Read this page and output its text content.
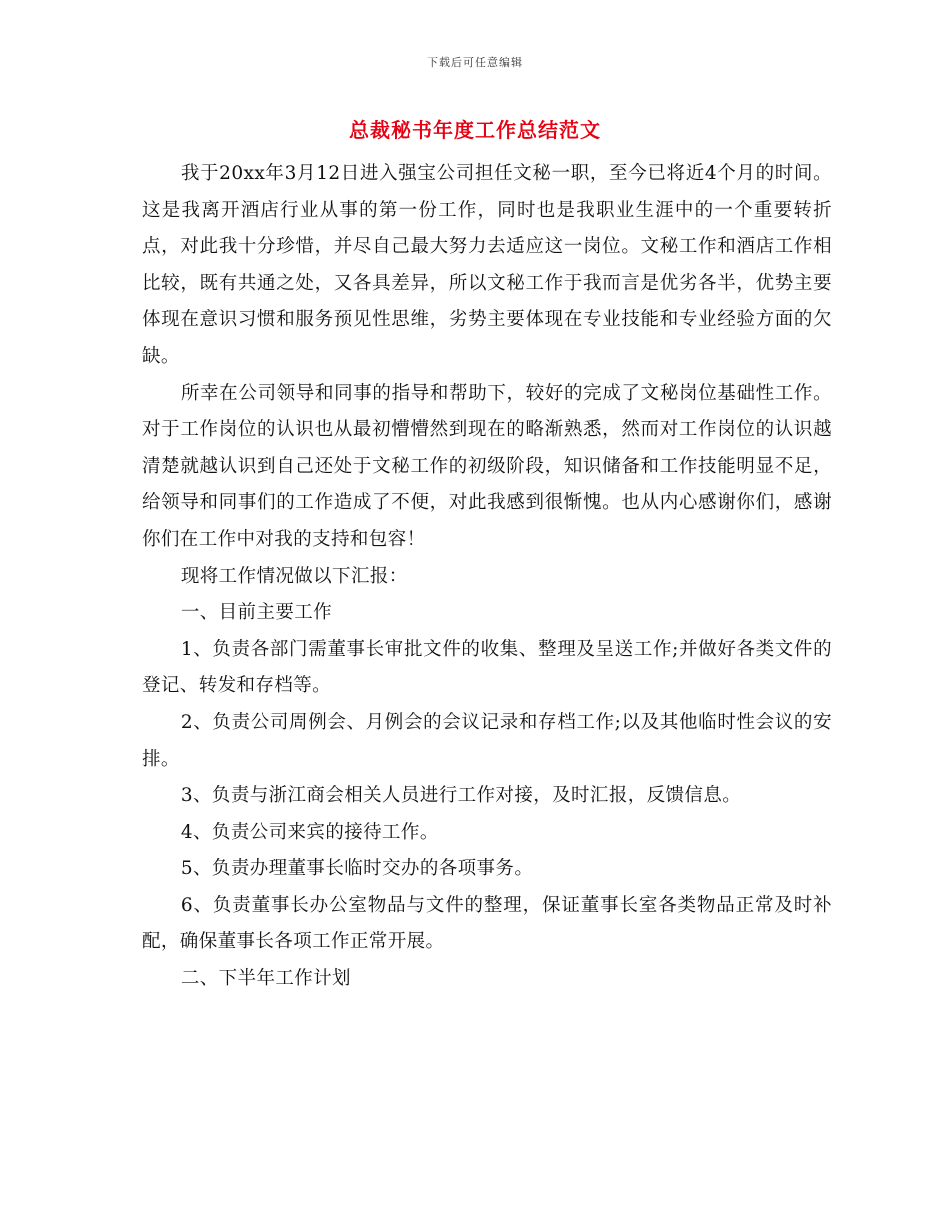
下载后可任意编辑
总裁秘书年度工作总结范文

我于20xx年3月12日进入强宝公司担任文秘一职，至今已将近4个月的时间。这是我离开酒店行业从事的第一份工作，同时也是我职业生涯中的一个重要转折点，对此我十分珍惜，并尽自己最大努力去适应这一岗位。文秘工作和酒店工作相比较，既有共通之处，又各具差异，所以文秘工作于我而言是优劣各半，优势主要体现在意识习惯和服务预见性思维，劣势主要体现在专业技能和专业经验方面的欠缺。

所幸在公司领导和同事的指导和帮助下，较好的完成了文秘岗位基础性工作。对于工作岗位的认识也从最初懵懵然到现在的略渐熟悉，然而对工作岗位的认识越清楚就越认识到自己还处于文秘工作的初级阶段，知识储备和工作技能明显不足，给领导和同事们的工作造成了不便，对此我感到很惭愧。也从内心感谢你们，感谢你们在工作中对我的支持和包容！

现将工作情况做以下汇报：

一、目前主要工作

1、负责各部门需董事长审批文件的收集、整理及呈送工作;并做好各类文件的登记、转发和存档等。

2、负责公司周例会、月例会的会议记录和存档工作;以及其他临时性会议的安排。

3、负责与浙江商会相关人员进行工作对接，及时汇报，反馈信息。

4、负责公司来宾的接待工作。

5、负责办理董事长临时交办的各项事务。

6、负责董事长办公室物品与文件的整理，保证董事长室各类物品正常及时补配，确保董事长各项工作正常开展。

二、下半年工作计划
